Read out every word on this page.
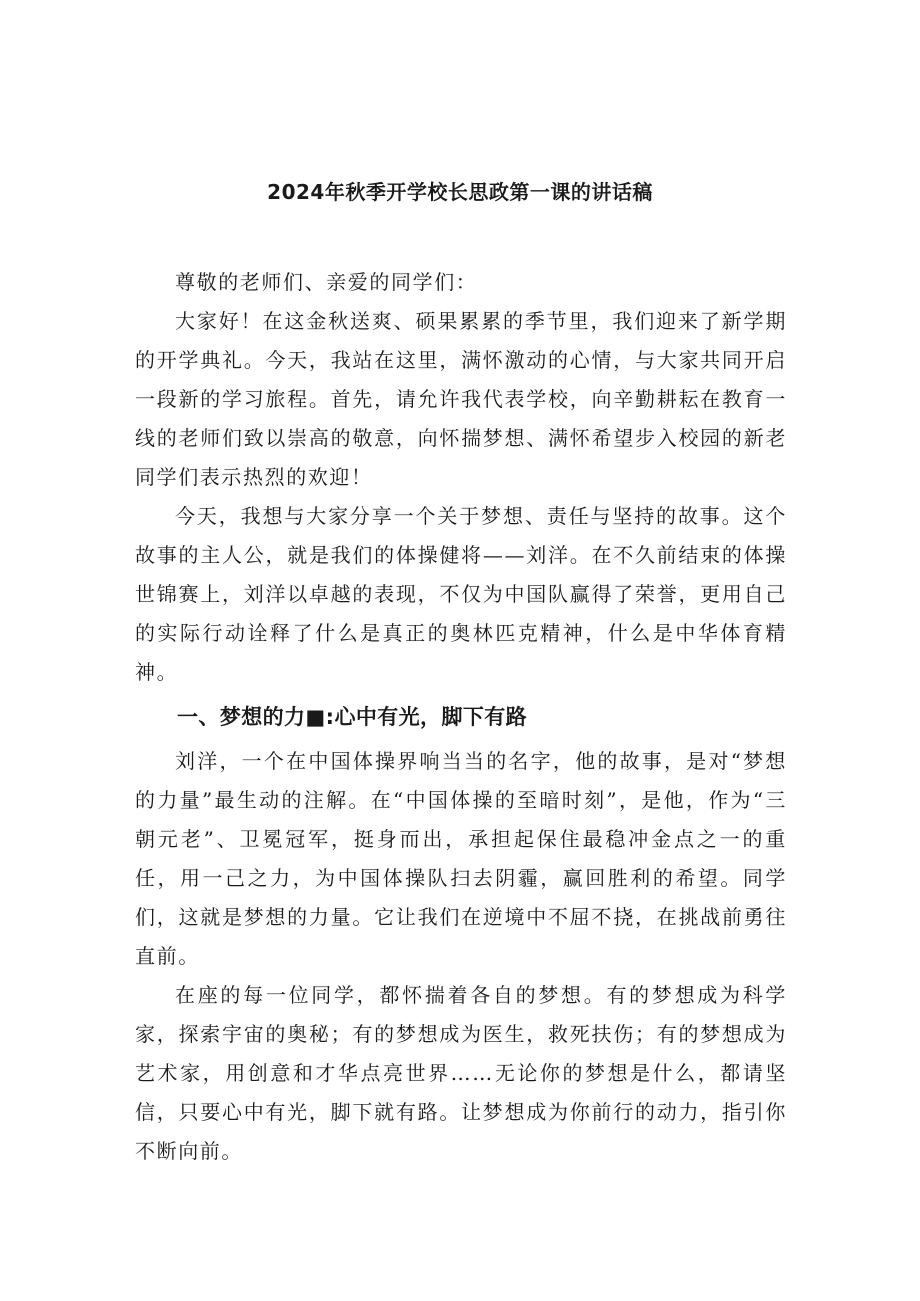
2024年秋季开学校长思政第一课的讲话稿

尊敬的老师们、亲爱的同学们：

大家好！在这金秋送爽、硕果累累的季节里，我们迎来了新学期的开学典礼。今天，我站在这里，满怀激动的心情，与大家共同开启一段新的学习旅程。首先，请允许我代表学校，向辛勤耕耘在教育一线的老师们致以崇高的敬意，向怀揣梦想、满怀希望步入校园的新老同学们表示热烈的欢迎！

今天，我想与大家分享一个关于梦想、责任与坚持的故事。这个故事的主人公，就是我们的体操健将——刘洋。在不久前结束的体操世锦赛上，刘洋以卓越的表现，不仅为中国队赢得了荣誉，更用自己的实际行动诠释了什么是真正的奥林匹克精神，什么是中华体育精神。

一、梦想的力■:心中有光，脚下有路

刘洋，一个在中国体操界响当当的名字，他的故事，是对“梦想的力量”最生动的注解。在“中国体操的至暗时刻”，是他，作为“三朝元老”、卫冕冠军，挺身而出，承担起保住最稳冲金点之一的重任，用一己之力，为中国体操队扫去阴霾，赢回胜利的希望。同学们，这就是梦想的力量。它让我们在逆境中不屈不挠，在挑战前勇往直前。

在座的每一位同学，都怀揣着各自的梦想。有的梦想成为科学家，探索宇宙的奥秘；有的梦想成为医生，救死扶伤；有的梦想成为艺术家，用创意和才华点亮世界……无论你的梦想是什么，都请坚信，只要心中有光，脚下就有路。让梦想成为你前行的动力，指引你不断向前。
